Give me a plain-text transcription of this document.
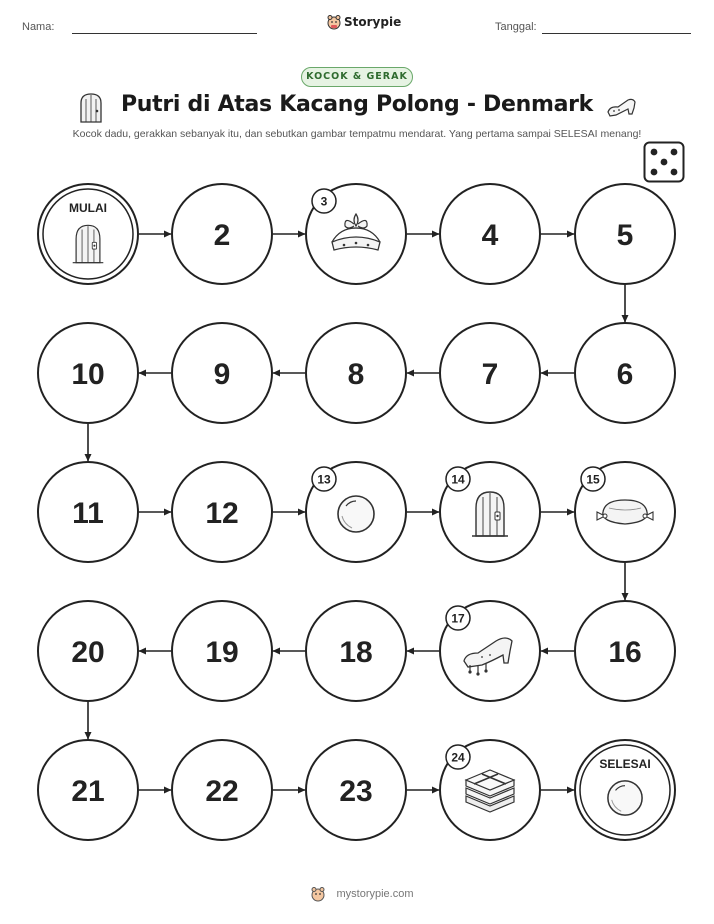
Nama:	Storypie	Tanggal:
KOCOK & GERAK
Putri di Atas Kacang Polong - Denmark
Kocok dadu, gerakkan sebanyak itu, dan sebutkan gambar tempatmu mendarat. Yang pertama sampai SELESAI menang!
MULAI
2
3
4	5
6
7
8
9
10
11	12
13	14	15
16
17
18
19
20
21	22	23
24	SELESAI
mystorypie.com
